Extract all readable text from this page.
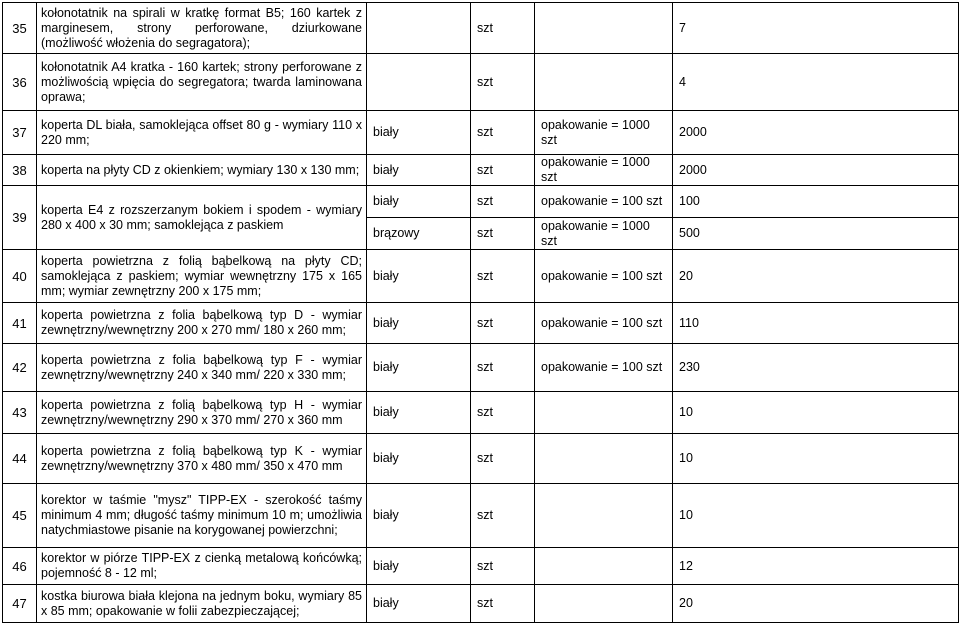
35	kołonotatnik na spirali w kratkę format B5; 160 kartek z marginesem, strony perforowane, dziurkowane (możliwość włożenia do segragatora);		szt		7
36	kołonotatnik A4 kratka - 160 kartek; strony perforowane z możliwością wpięcia do segregatora; twarda laminowana oprawa;		szt		4
37	koperta DL biała, samoklejąca offset 80 g - wymiary 110 x 220 mm;	biały	szt	opakowanie = 1000 szt	2000
38	koperta na płyty CD z okienkiem; wymiary 130 x 130 mm;	biały	szt	opakowanie = 1000 szt	2000
39	koperta E4 z rozszerzanym bokiem i spodem - wymiary 280 x 400 x 30 mm; samoklejąca z paskiem	biały	szt	opakowanie = 100 szt	100
		brązowy	szt	opakowanie = 1000 szt	500
40	koperta powietrzna z folią bąbelkową na płyty CD; samoklejąca z paskiem; wymiar wewnętrzny 175 x 165 mm; wymiar zewnętrzny 200 x 175 mm;	biały	szt	opakowanie = 100 szt	20
41	koperta powietrzna z folia bąbelkową typ D - wymiar zewnętrzny/wewnętrzny 200 x 270 mm/ 180 x 260 mm;	biały	szt	opakowanie = 100 szt	110
42	koperta powietrzna z folia bąbelkową typ F - wymiar zewnętrzny/wewnętrzny 240 x 340 mm/ 220 x 330 mm;	biały	szt	opakowanie = 100 szt	230
43	koperta powietrzna z folią bąbelkową typ H - wymiar zewnętrzny/wewnętrzny 290 x 370 mm/ 270 x 360 mm	biały	szt		10
44	koperta powietrzna z folią bąbelkową typ K - wymiar zewnętrzny/wewnętrzny 370 x 480 mm/ 350 x 470 mm	biały	szt		10
45	korektor w taśmie "mysz" TIPP-EX - szerokość taśmy minimum 4 mm; długość taśmy minimum 10 m; umożliwia natychmiastowe pisanie na korygowanej powierzchni;	biały	szt		10
46	korektor w piórze TIPP-EX z cienką metalową końcówką; pojemność 8 - 12 ml;	biały	szt		12
47	kostka biurowa biała klejona na jednym boku, wymiary 85 x 85 mm; opakowanie w folii zabezpieczającej;	biały	szt		20
